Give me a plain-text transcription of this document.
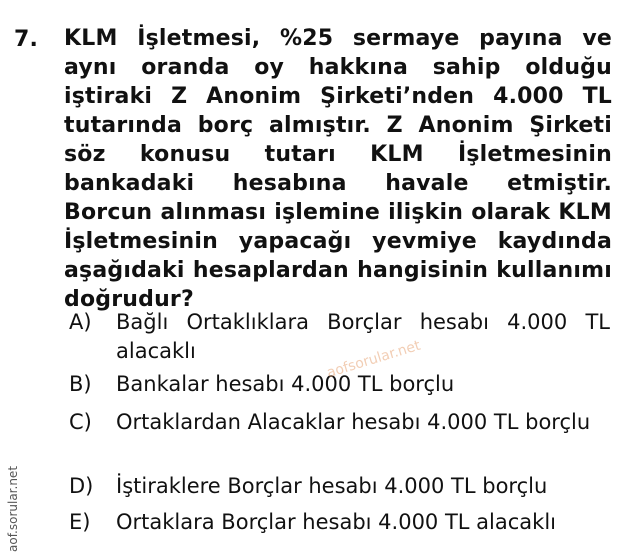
7. KLM İşletmesi, %25 sermaye payına ve aynı oranda oy hakkına sahip olduğu iştiraki Z Anonim Şirketi’nden 4.000 TL tutarında borç almıştır. Z Anonim Şirketi söz konusu tutarı KLM İşletmesinin bankadaki hesabına havale etmiştir. Borcun alınması işlemine ilişkin olarak KLM İşletmesinin yapacağı yevmiye kaydında aşağıdaki hesaplardan hangisinin kullanımı doğrudur?
A) Bağlı Ortaklıklara Borçlar hesabı 4.000 TL alacaklı
B) Bankalar hesabı 4.000 TL borçlu
C) Ortaklardan Alacaklar hesabı 4.000 TL borçlu
D) İştiraklere Borçlar hesabı 4.000 TL borçlu
E) Ortaklara Borçlar hesabı 4.000 TL alacaklı
aofsorular.net
aof.sorular.net
